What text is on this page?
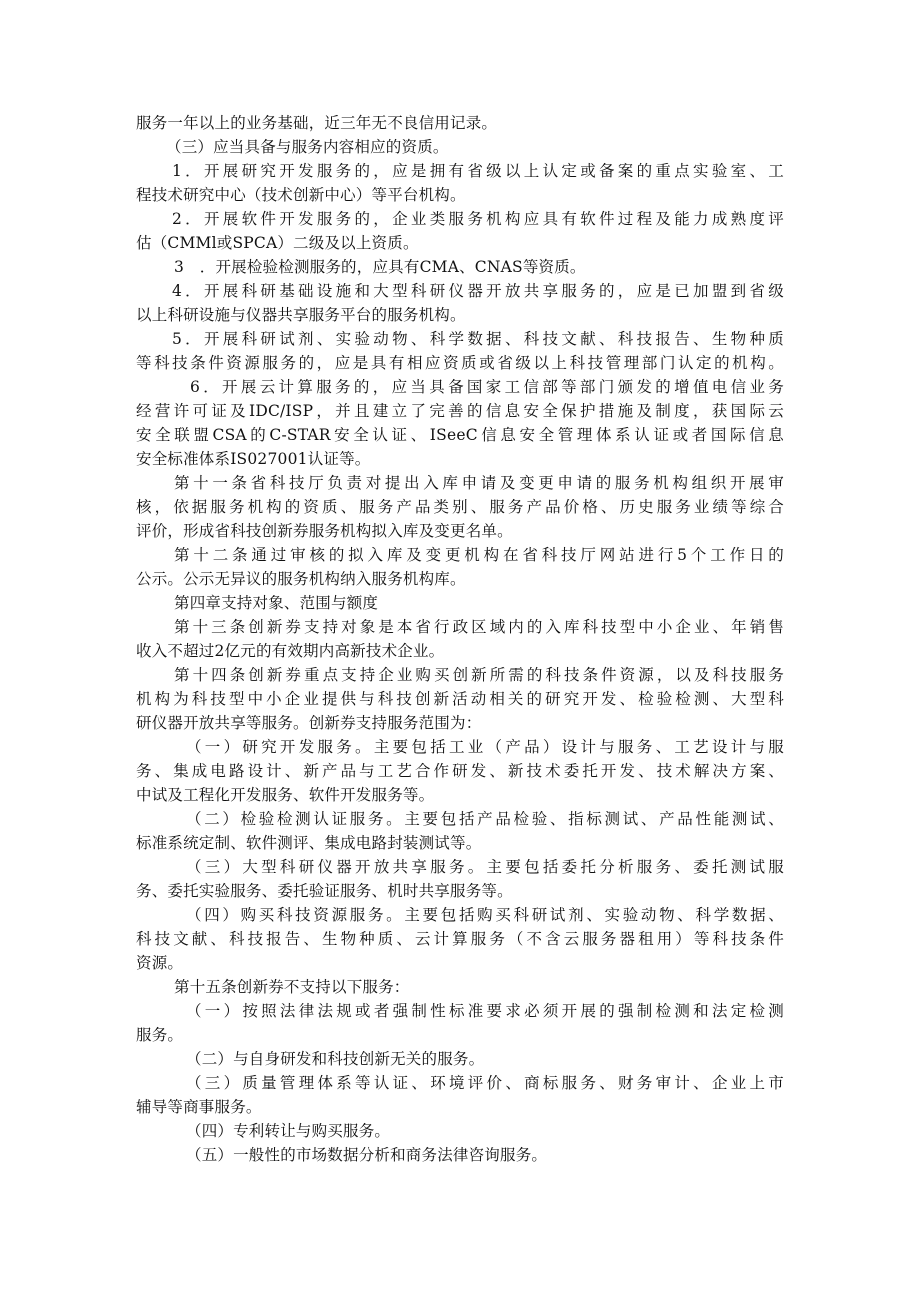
服务一年以上的业务基础，近三年无不良信用记录。
（三）应当具备与服务内容相应的资质。
1．开展研究开发服务的，应是拥有省级以上认定或备案的重点实验室、工
程技术研究中心（技术创新中心）等平台机构。
2．开展软件开发服务的，企业类服务机构应具有软件过程及能力成熟度评
估（CMMl或SPCA）二级及以上资质。
3　．开展检验检测服务的，应具有CMA、CNAS等资质。
4．开展科研基础设施和大型科研仪器开放共享服务的，应是已加盟到省级
以上科研设施与仪器共享服务平台的服务机构。
5．开展科研试剂、实验动物、科学数据、科技文献、科技报告、生物种质
等科技条件资源服务的，应是具有相应资质或省级以上科技管理部门认定的机构。
6．开展云计算服务的，应当具备国家工信部等部门颁发的增值电信业务
经营许可证及IDC/ISP，并且建立了完善的信息安全保护措施及制度，获国际云
安全联盟CSA的C-STAR安全认证、ISeeC信息安全管理体系认证或者国际信息
安全标准体系IS027001认证等。
第十一条省科技厅负责对提出入库申请及变更申请的服务机构组织开展审
核，依据服务机构的资质、服务产品类别、服务产品价格、历史服务业绩等综合
评价，形成省科技创新券服务机构拟入库及变更名单。
第十二条通过审核的拟入库及变更机构在省科技厅网站进行5个工作日的
公示。公示无异议的服务机构纳入服务机构库。
第四章支持对象、范围与额度
第十三条创新券支持对象是本省行政区域内的入库科技型中小企业、年销售
收入不超过2亿元的有效期内高新技术企业。
第十四条创新券重点支持企业购买创新所需的科技条件资源，以及科技服务
机构为科技型中小企业提供与科技创新活动相关的研究开发、检验检测、大型科
研仪器开放共享等服务。创新券支持服务范围为：
（一）研究开发服务。主要包括工业（产品）设计与服务、工艺设计与服
务、集成电路设计、新产品与工艺合作研发、新技术委托开发、技术解决方案、
中试及工程化开发服务、软件开发服务等。
（二）检验检测认证服务。主要包括产品检验、指标测试、产品性能测试、
标准系统定制、软件测评、集成电路封装测试等。
（三）大型科研仪器开放共享服务。主要包括委托分析服务、委托测试服
务、委托实验服务、委托验证服务、机时共享服务等。
（四）购买科技资源服务。主要包括购买科研试剂、实验动物、科学数据、
科技文献、科技报告、生物种质、云计算服务（不含云服务器租用）等科技条件
资源。
第十五条创新券不支持以下服务：
（一）按照法律法规或者强制性标准要求必须开展的强制检测和法定检测
服务。
（二）与自身研发和科技创新无关的服务。
（三）质量管理体系等认证、环境评价、商标服务、财务审计、企业上市
辅导等商事服务。
（四）专利转让与购买服务。
（五）一般性的市场数据分析和商务法律咨询服务。
